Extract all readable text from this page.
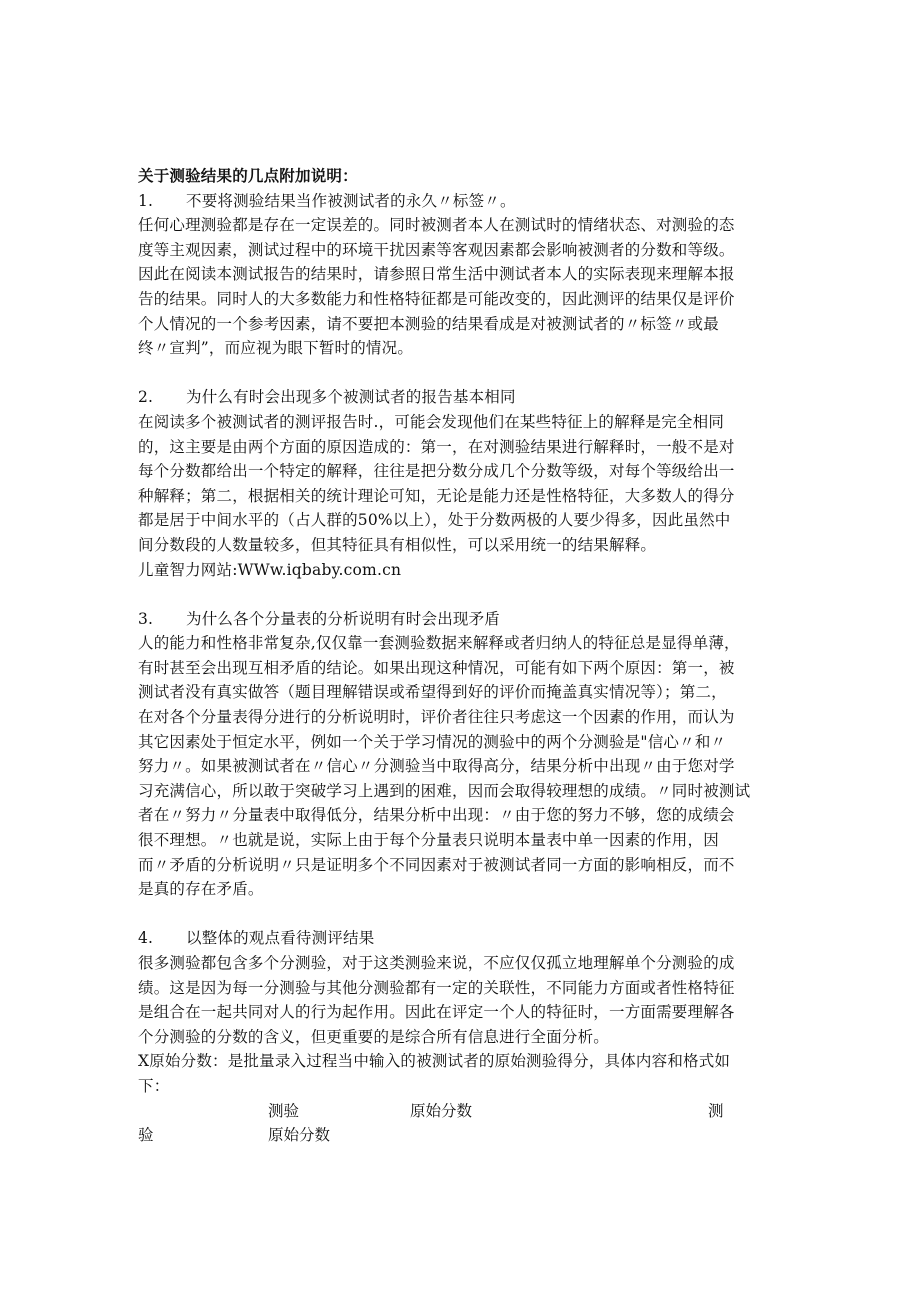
关于测验结果的几点附加说明：

1. 不要将测验结果当作被测试者的永久〃标签〃。

任何心理测验都是存在一定误差的。同时被测者本人在测试时的情绪状态、对测验的态

度等主观因素，测试过程中的环境干扰因素等客观因素都会影响被测者的分数和等级。

因此在阅读本测试报告的结果时，请参照日常生活中测试者本人的实际表现来理解本报

告的结果。同时人的大多数能力和性格特征都是可能改变的，因此测评的结果仅是评价

个人情况的一个参考因素，请不要把本测验的结果看成是对被测试者的〃标签〃或最

终〃宣判”，而应视为眼下暂时的情况。

2. 为什么有时会出现多个被测试者的报告基本相同

在阅读多个被测试者的测评报告时.，可能会发现他们在某些特征上的解释是完全相同

的，这主要是由两个方面的原因造成的：第一，在对测验结果进行解释时，一般不是对

每个分数都给出一个特定的解释，往往是把分数分成几个分数等级，对每个等级给出一

种解释；第二，根据相关的统计理论可知，无论是能力还是性格特征，大多数人的得分

都是居于中间水平的（占人群的50%以上），处于分数两极的人要少得多，因此虽然中

间分数段的人数量较多，但其特征具有相似性，可以采用统一的结果解释。

儿童智力网站:WWw.iqbaby.com.cn

3. 为什么各个分量表的分析说明有时会出现矛盾

人的能力和性格非常复杂,仅仅靠一套测验数据来解释或者归纳人的特征总是显得单薄，

有时甚至会出现互相矛盾的结论。如果出现这种情况，可能有如下两个原因：第一，被

测试者没有真实做答（题目理解错误或希望得到好的评价而掩盖真实情况等）；第二，

在对各个分量表得分进行的分析说明时，评价者往往只考虑这一个因素的作用，而认为

其它因素处于恒定水平，例如一个关于学习情况的测验中的两个分测验是"信心〃和〃

努力〃。如果被测试者在〃信心〃分测验当中取得高分，结果分析中出现〃由于您对学

习充满信心，所以敢于突破学习上遇到的困难，因而会取得较理想的成绩。〃同时被测试

者在〃努力〃分量表中取得低分，结果分析中出现：〃由于您的努力不够，您的成绩会

很不理想。〃也就是说，实际上由于每个分量表只说明本量表中单一因素的作用，因

而〃矛盾的分析说明〃只是证明多个不同因素对于被测试者同一方面的影响相反，而不

是真的存在矛盾。

4. 以整体的观点看待测评结果

很多测验都包含多个分测验，对于这类测验来说，不应仅仅孤立地理解单个分测验的成

绩。这是因为每一分测验与其他分测验都有一定的关联性，不同能力方面或者性格特征

是组合在一起共同对人的行为起作用。因此在评定一个人的特征时，一方面需要理解各

个分测验的分数的含义，但更重要的是综合所有信息进行全面分析。

X原始分数：是批量录入过程当中输入的被测试者的原始测验得分，具体内容和格式如

下：

测验	原始分数	测
验	原始分数
